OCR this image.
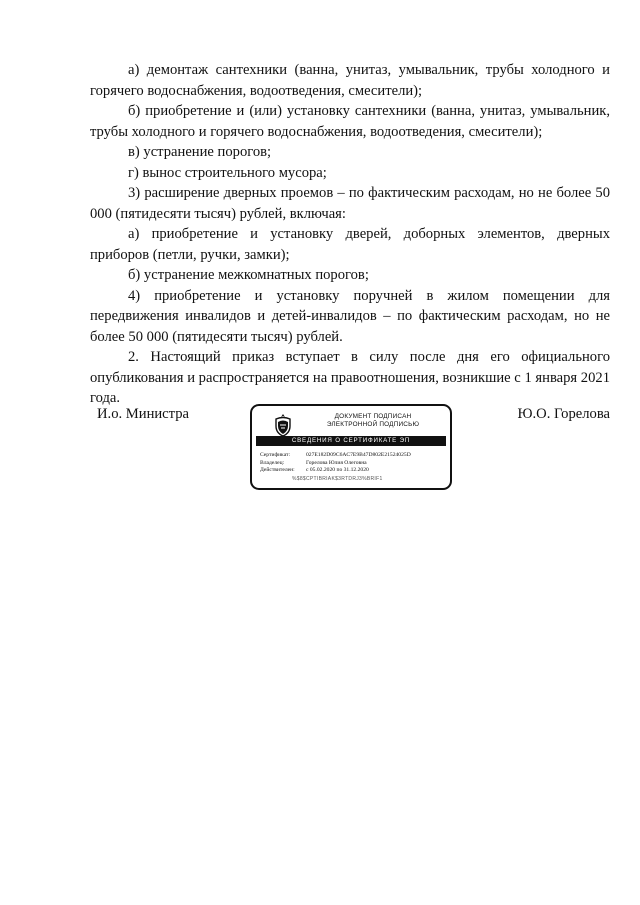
а) демонтаж сантехники (ванна, унитаз, умывальник, трубы холодного и горячего водоснабжения, водоотведения, смесители);

б) приобретение и (или) установку сантехники (ванна, унитаз, умывальник, трубы холодного и горячего водоснабжения, водоотведения, смесители);

в) устранение порогов;

г) вынос строительного мусора;

3) расширение дверных проемов – по фактическим расходам, но не более 50 000 (пятидесяти тысяч) рублей, включая:

а) приобретение и установку дверей, доборных элементов, дверных приборов (петли, ручки, замки);

б) устранение межкомнатных порогов;

4) приобретение и установку поручней в жилом помещении для передвижения инвалидов и детей-инвалидов – по фактическим расходам, но не более 50 000 (пятидесяти тысяч) рублей.

2. Настоящий приказ вступает в силу после дня его официального опубликования и распространяется на правоотношения, возникшие с 1 января 2021 года.

И.о. Министра	ДОКУМЕНТ ПОДПИСАН
ЭЛЕКТРОННОЙ ПОДПИСЬЮ
СВЕДЕНИЯ О СЕРТИФИКАТЕ ЭП
Сертификат:	027E182D09C6AC7E9B47D802E21524025D
Владелец:	Горелова Юлия Олеговна
Действителен:	с 05.02.2020 по 31.12.2020
%$8$CPTIBRIAK$3RTDRJ3%BRIF1
Ю.О. Горелова
